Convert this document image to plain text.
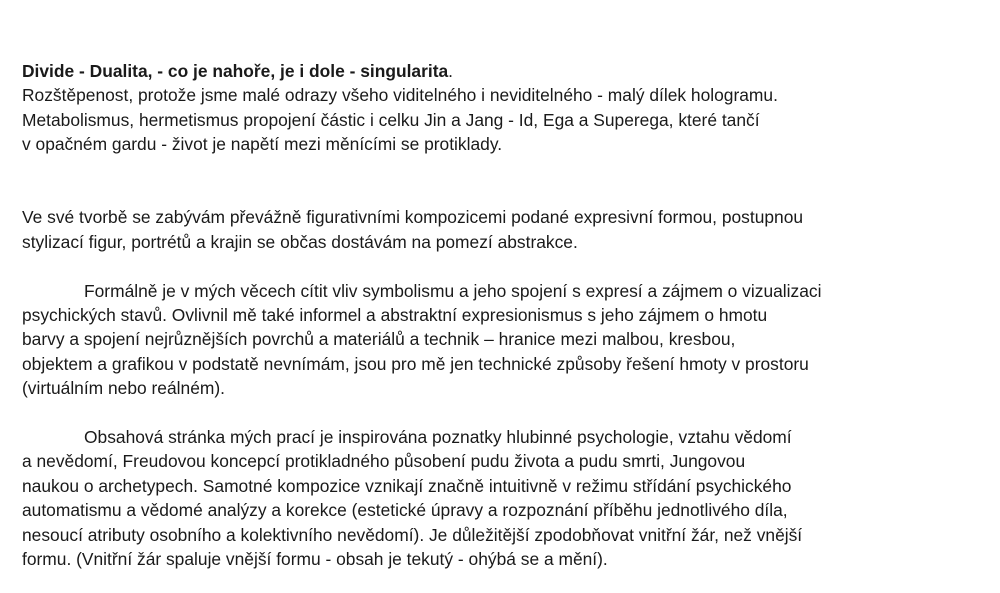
Divide - Dualita, - co je nahoře, je i dole - singularita.
Rozštěpenost, protože jsme malé odrazy všeho viditelného i neviditelného - malý dílek hologramu.
Metabolismus, hermetismus propojení částic i celku Jin a Jang - Id, Ega a Superega, které tančí
v opačném gardu - život je napětí mezi měnícími se protiklady.
Ve své tvorbě se zabývám převážně figurativními kompozicemi podané expresivní formou, postupnou
stylizací figur, portrétů a krajin se občas dostávám na pomezí abstrakce.
Formálně je v mých věcech cítit vliv symbolismu a jeho spojení s expresí a zájmem o vizualizaci
psychických stavů. Ovlivnil mě také informel a abstraktní expresionismus s jeho zájmem o hmotu
barvy a spojení nejrůznějších povrchů a materiálů a technik – hranice mezi malbou, kresbou,
objektem a grafikou v podstatě nevnímám, jsou pro mě jen technické způsoby řešení hmoty v prostoru
(virtuálním nebo reálném).
Obsahová stránka mých prací je inspirována poznatky hlubinné psychologie, vztahu vědomí
a nevědomí, Freudovou koncepcí protikladného působení pudu života a pudu smrti, Jungovou
naukou o archetypech. Samotné kompozice vznikají značně intuitivně v režimu střídání psychického
automatismu a vědomé analýzy a korekce (estetické úpravy a rozpoznání příběhu jednotlivého díla,
nesoucí atributy osobního a kolektivního nevědomí). Je důležitější zpodobňovat vnitřní žár, než vnější
formu. (Vnitřní žár spaluje vnější formu - obsah je tekutý - ohýbá se a mění).
